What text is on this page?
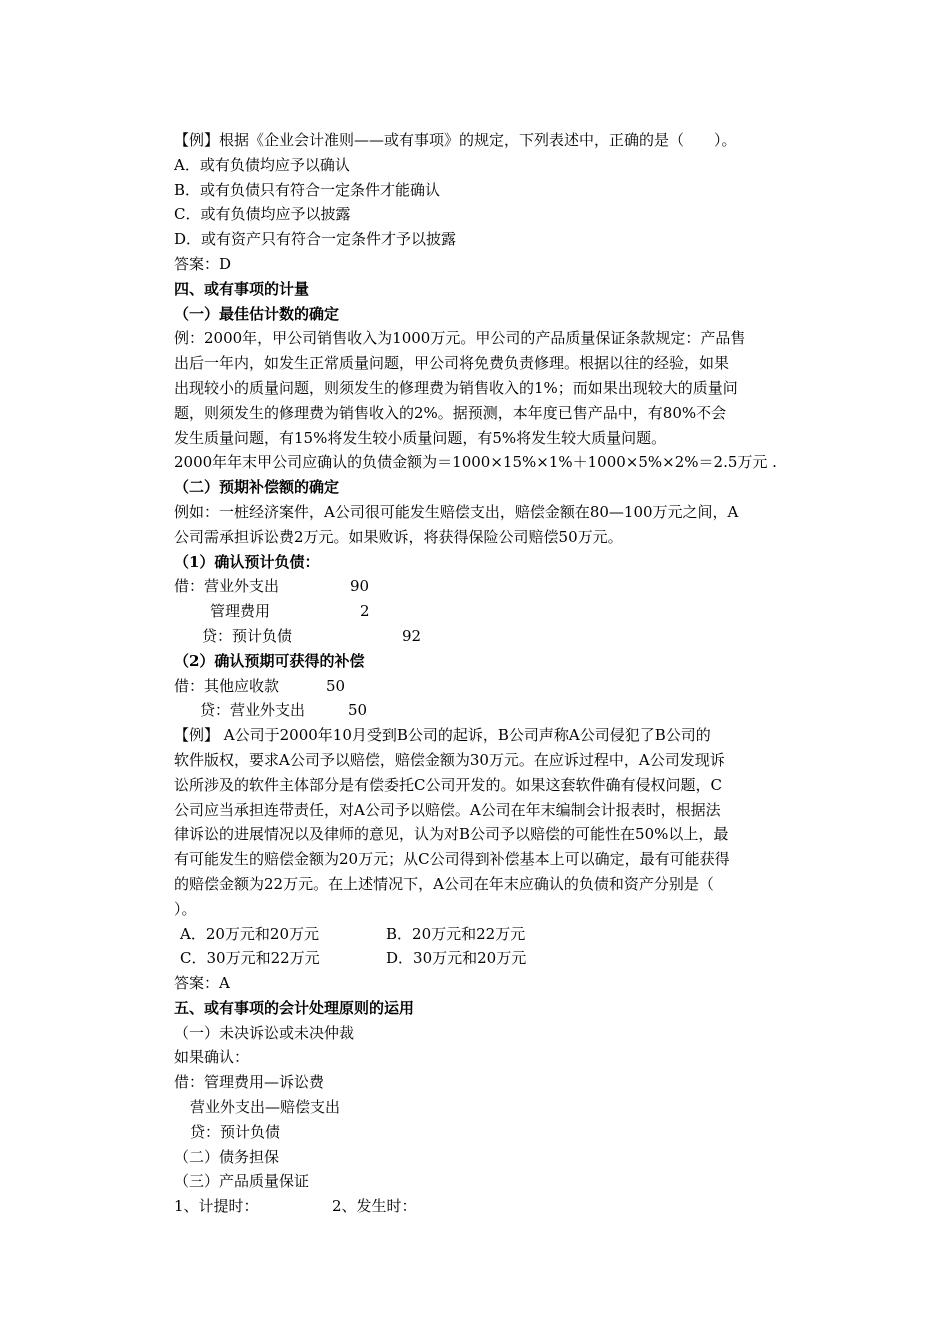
【例】根据《企业会计准则——或有事项》的规定，下列表述中，正确的是（　　）。
A．或有负债均应予以确认
B．或有负债只有符合一定条件才能确认
C．或有负债均应予以披露
D．或有资产只有符合一定条件才予以披露
答案：D
四、或有事项的计量
（一）最佳估计数的确定
例：2000年，甲公司销售收入为1000万元。甲公司的产品质量保证条款规定：产品售
出后一年内，如发生正常质量问题，甲公司将免费负责修理。根据以往的经验，如果
出现较小的质量问题，则须发生的修理费为销售收入的1%；而如果出现较大的质量问
题，则须发生的修理费为销售收入的2%。据预测，本年度已售产品中，有80%不会
发生质量问题，有15%将发生较小质量问题，有5%将发生较大质量问题。
2000年年末甲公司应确认的负债金额为＝1000×15%×1%＋1000×5%×2%＝2.5万元 .
（二）预期补偿额的确定
例如：一桩经济案件，A公司很可能发生赔偿支出，赔偿金额在80—100万元之间，A
公司需承担诉讼费2万元。如果败诉，将获得保险公司赔偿50万元。
（1）确认预计负债：
借：营业外支出	90
管理费用	2
贷：预计负债	92
（2）确认预期可获得的补偿
借：其他应收款	50
贷：营业外支出	50
【例】 A公司于2000年10月受到B公司的起诉，B公司声称A公司侵犯了B公司的
软件版权，要求A公司予以赔偿，赔偿金额为30万元。在应诉过程中，A公司发现诉
讼所涉及的软件主体部分是有偿委托C公司开发的。如果这套软件确有侵权问题，C
公司应当承担连带责任，对A公司予以赔偿。A公司在年末编制会计报表时，根据法
律诉讼的进展情况以及律师的意见，认为对B公司予以赔偿的可能性在50%以上，最
有可能发生的赔偿金额为20万元；从C公司得到补偿基本上可以确定，最有可能获得
的赔偿金额为22万元。在上述情况下，A公司在年末应确认的负债和资产分别是（
）。
A．20万元和20万元	B．20万元和22万元
C．30万元和22万元	D．30万元和20万元
答案：A
五、或有事项的会计处理原则的运用
（一）未决诉讼或未决仲裁
如果确认：
借：管理费用—诉讼费
营业外支出—赔偿支出
贷：预计负债
（二）债务担保
（三）产品质量保证
1、计提时：	2、发生时：
